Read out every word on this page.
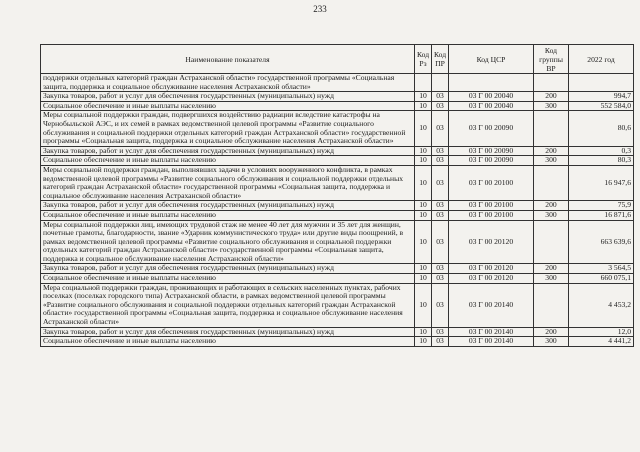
233
Наименование показателя	Код Рз	Код ПР	Код ЦСР	Код группы ВР	2022 год
поддержки отдельных категорий граждан Астраханской области» государственной программы «Социальная защита, поддержка и социальное обслуживание населения Астраханской области»					
Закупка товаров, работ и услуг для обеспечения государственных (муниципальных) нужд	10	03	03 Г 00 20040	200	994,7
Социальное обеспечение и иные выплаты населению	10	03	03 Г 00 20040	300	552 584,0
Меры социальной поддержки граждан, подвергшихся воздействию радиации вследствие катастрофы на Чернобыльской АЭС, и их семей в рамках ведомственной целевой программы «Развитие социального обслуживания и социальной поддержки отдельных категорий граждан Астраханской области» государственной программы «Социальная защита, поддержка и социальное обслуживание населения Астраханской области»	10	03	03 Г 00 20090		80,6
Закупка товаров, работ и услуг для обеспечения государственных (муниципальных) нужд	10	03	03 Г 00 20090	200	0,3
Социальное обеспечение и иные выплаты населению	10	03	03 Г 00 20090	300	80,3
Меры социальной поддержки граждан, выполнявших задачи в условиях вооруженного конфликта, в рамках ведомственной целевой программы «Развитие социального обслуживания и социальной поддержки отдельных категорий граждан Астраханской области» государственной программы «Социальная защита, поддержка и социальное обслуживание населения Астраханской области»	10	03	03 Г 00 20100		16 947,6
Закупка товаров, работ и услуг для обеспечения государственных (муниципальных) нужд	10	03	03 Г 00 20100	200	75,9
Социальное обеспечение и иные выплаты населению	10	03	03 Г 00 20100	300	16 871,6
Меры социальной поддержки лиц, имеющих трудовой стаж не менее 40 лет для мужчин и 35 лет для женщин, почетные грамоты, благодарности, звание «Ударник коммунистического труда» или другие виды поощрений, в рамках ведомственной целевой программы «Развитие социального обслуживания и социальной поддержки отдельных категорий граждан Астраханской области» государственной программы «Социальная защита, поддержка и социальное обслуживание населения Астраханской области»	10	03	03 Г 00 20120		663 639,6
Закупка товаров, работ и услуг для обеспечения государственных (муниципальных) нужд	10	03	03 Г 00 20120	200	3 564,5
Социальное обеспечение и иные выплаты населению	10	03	03 Г 00 20120	300	660 075,1
Мера социальной поддержки граждан, проживающих и работающих в сельских населенных пунктах, рабочих поселках (поселках городского типа) Астраханской области, в рамках ведомственной целевой программы «Развитие социального обслуживания и социальной поддержки отдельных категорий граждан Астраханской области» государственной программы «Социальная защита, поддержка и социальное обслуживание населения Астраханской области»	10	03	03 Г 00 20140		4 453,2
Закупка товаров, работ и услуг для обеспечения государственных (муниципальных) нужд	10	03	03 Г 00 20140	200	12,0
Социальное обеспечение и иные выплаты населению	10	03	03 Г 00 20140	300	4 441,2
